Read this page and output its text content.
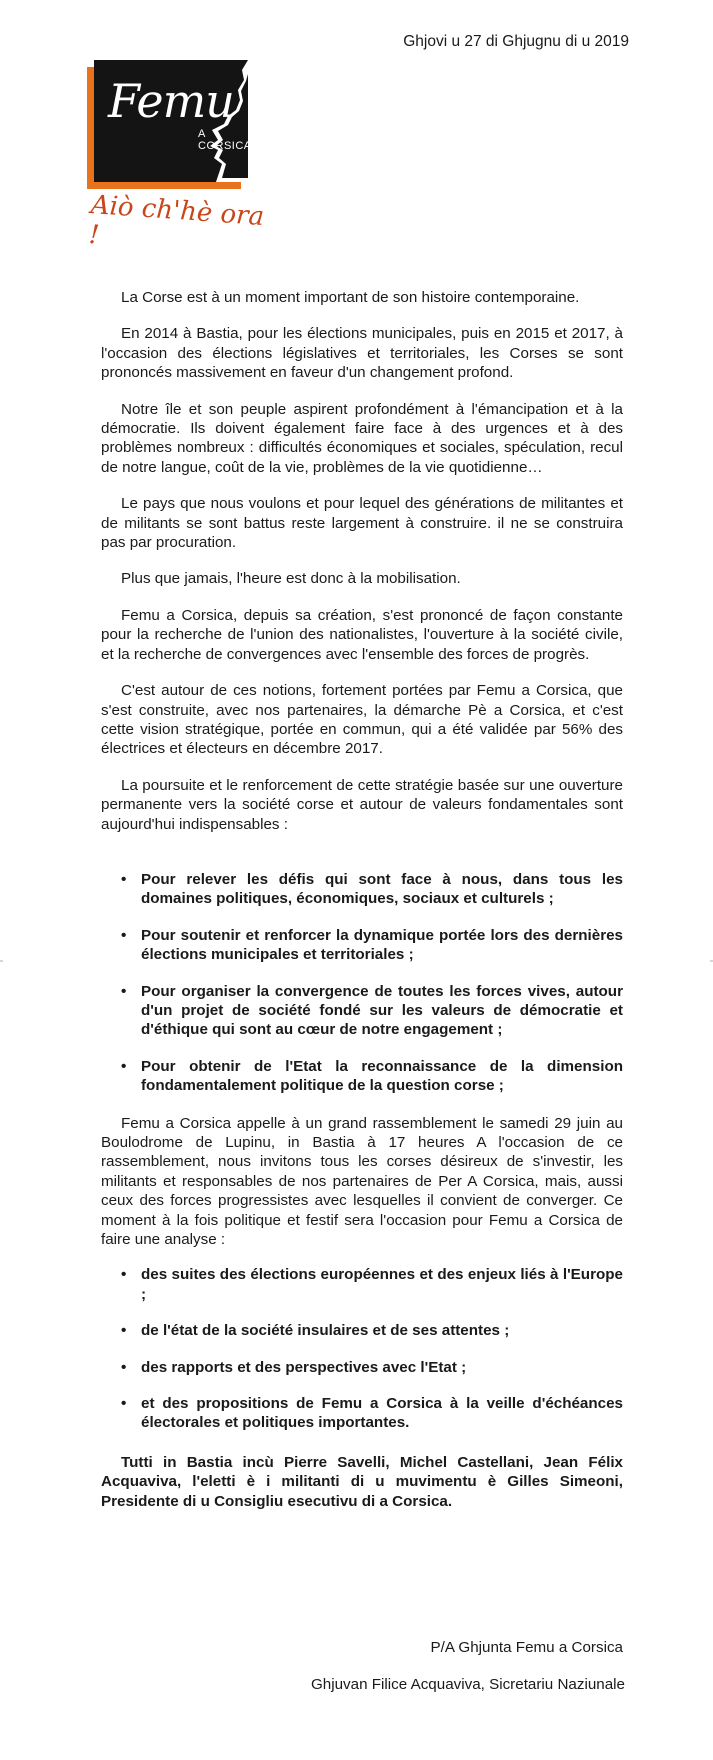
Ghjovi u 27 di Ghjugnu di u 2019
Femu
A CORSICA
Aiò ch'hè ora !

La Corse est à un moment important de son histoire contemporaine.

En 2014 à Bastia, pour les élections municipales, puis en 2015 et 2017, à l'occasion des élections législatives et territoriales, les Corses se sont prononcés massivement en faveur d'un changement profond.

Notre île et son peuple aspirent profondément à l'émancipation et à la démocratie. Ils doivent également faire face à des urgences et à des problèmes nombreux : difficultés économiques et sociales, spéculation, recul de notre langue, coût de la vie, problèmes de la vie quotidienne…

Le pays que nous voulons et pour lequel des générations de militantes et de militants se sont battus reste largement à construire. il ne se construira pas par procuration.

Plus que jamais, l'heure est donc à la mobilisation.

Femu a Corsica, depuis sa création, s'est prononcé de façon constante pour la recherche de l'union des nationalistes, l'ouverture à la société civile, et la recherche de convergences avec l'ensemble des forces de progrès.

C'est autour de ces notions, fortement portées par Femu a Corsica, que s'est construite, avec nos partenaires, la démarche Pè a Corsica, et c'est cette vision stratégique, portée en commun, qui a été validée par 56% des électrices et électeurs en décembre 2017.

La poursuite et le renforcement de cette stratégie basée sur une ouverture permanente vers la société corse et autour de valeurs fondamentales sont aujourd'hui indispensables :

• Pour relever les défis qui sont face à nous, dans tous les domaines politiques, économiques, sociaux et culturels ;
• Pour soutenir et renforcer la dynamique portée lors des dernières élections municipales et territoriales ;
• Pour organiser la convergence de toutes les forces vives, autour d'un projet de société fondé sur les valeurs de démocratie et d'éthique qui sont au cœur de notre engagement ;
• Pour obtenir de l'Etat la reconnaissance de la dimension fondamentalement politique de la question corse ;

Femu a Corsica appelle à un grand rassemblement le samedi 29 juin au Boulodrome de Lupinu, in Bastia à 17 heures A l'occasion de ce rassemblement, nous invitons tous les corses désireux de s'investir, les militants et responsables de nos partenaires de Per A Corsica, mais, aussi ceux des forces progressistes avec lesquelles il convient de converger. Ce moment à la fois politique et festif sera l'occasion pour Femu a Corsica de faire une analyse :

• des suites des élections européennes et des enjeux liés à l'Europe ;
• de l'état de la société insulaires et de ses attentes ;
• des rapports et des perspectives avec l'Etat ;
• et des propositions de Femu a Corsica à la veille d'échéances électorales et politiques importantes.

Tutti in Bastia incù Pierre Savelli, Michel Castellani, Jean Félix Acquaviva, l'eletti è i militanti di u muvimentu è Gilles Simeoni, Presidente di u Consigliu esecutivu di a Corsica.

P/A Ghjunta Femu a Corsica
Ghjuvan Filice Acquaviva, Sicretariu Naziunale
